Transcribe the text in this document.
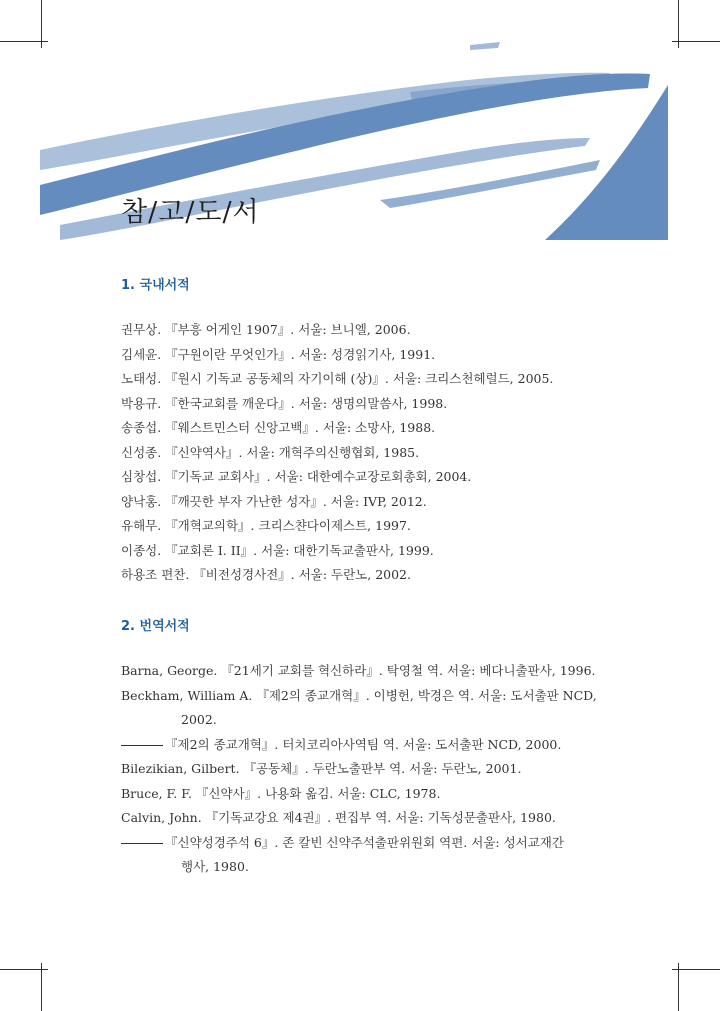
참/고/도/서
1. 국내서적
권무상. 『부흥 어게인 1907』. 서울: 브니엘, 2006.
김세윤. 『구원이란 무엇인가』. 서울: 성경읽기사, 1991.
노태성. 『원시 기독교 공동체의 자기이해 (상)』. 서울: 크리스천헤럴드, 2005.
박용규. 『한국교회를 깨운다』. 서울: 생명의말씀사, 1998.
송종섭. 『웨스트민스터 신앙고백』. 서울: 소망사, 1988.
신성종. 『신약역사』. 서울: 개혁주의신행협회, 1985.
심창섭. 『기독교 교회사』. 서울: 대한예수교장로회총회, 2004.
양낙홍. 『깨끗한 부자 가난한 성자』. 서울: IVP, 2012.
유해무. 『개혁교의학』. 크리스챤다이제스트, 1997.
이종성. 『교회론 I. II』. 서울: 대한기독교출판사, 1999.
하용조 편찬. 『비전성경사전』. 서울: 두란노, 2002.
2. 번역서적
Barna, George. 『21세기 교회를 혁신하라』. 탁영철 역. 서울: 베다니출판사, 1996.
Beckham, William A. 『제2의 종교개혁』. 이병헌, 박경은 역. 서울: 도서출판 NCD,
2002.
『제2의 종교개혁』. 터치코리아사역팀 역. 서울: 도서출판 NCD, 2000.
Bilezikian, Gilbert. 『공동체』. 두란노출판부 역. 서울: 두란노, 2001.
Bruce, F. F. 『신약사』. 나용화 옮김. 서울: CLC, 1978.
Calvin, John. 『기독교강요 제4권』. 편집부 역. 서울: 기독성문출판사, 1980.
『신약성경주석 6』. 존 칼빈 신약주석출판위원회 역편. 서울: 성서교재간
행사, 1980.
